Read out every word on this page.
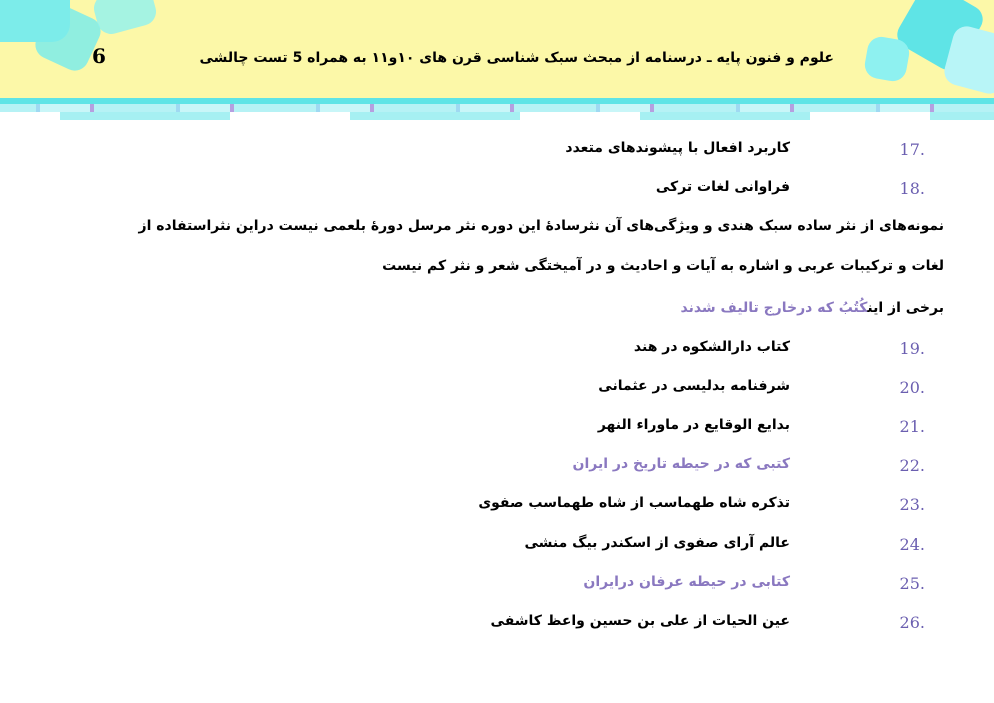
6	علوم و فنون پایه ـ درسنامه از مبحث سبک شناسی قرن های ۱۰و۱۱ به همراه 5 تست چالشی
17.
کاربرد افعال با پیشوندهای متعدد
18.
فراوانی لغات ترکی
نمونه‌های از نثر ساده سبک هندی و ویژگی‌های آن نثرسادهٔ این دوره نثر مرسل دورهٔ بلعمی نیست دراین نثراستفاده از
لغات و ترکیبات عربی و اشاره به آیات و احادیث و در آمیختگی شعر و نثر کم نیست
برخی از اینکُتُبُ که درخارج تالیف شدند
19.
کتاب دارالشکوه در هند
20.
شرفنامه بدلیسی در عثمانی
21.
بدایع الوقایع در ماوراء النهر
22.
کتبی که در حیطه تاریخ در ایران
23.
تذکره شاه طهماسب از شاه طهماسب صفوی
24.
عالم آرای صفوی از اسکندر بیگ منشی
25.
کتابی در حیطه عرفان درایران
26.
عین الحیات از علی بن حسین واعظ کاشفی
